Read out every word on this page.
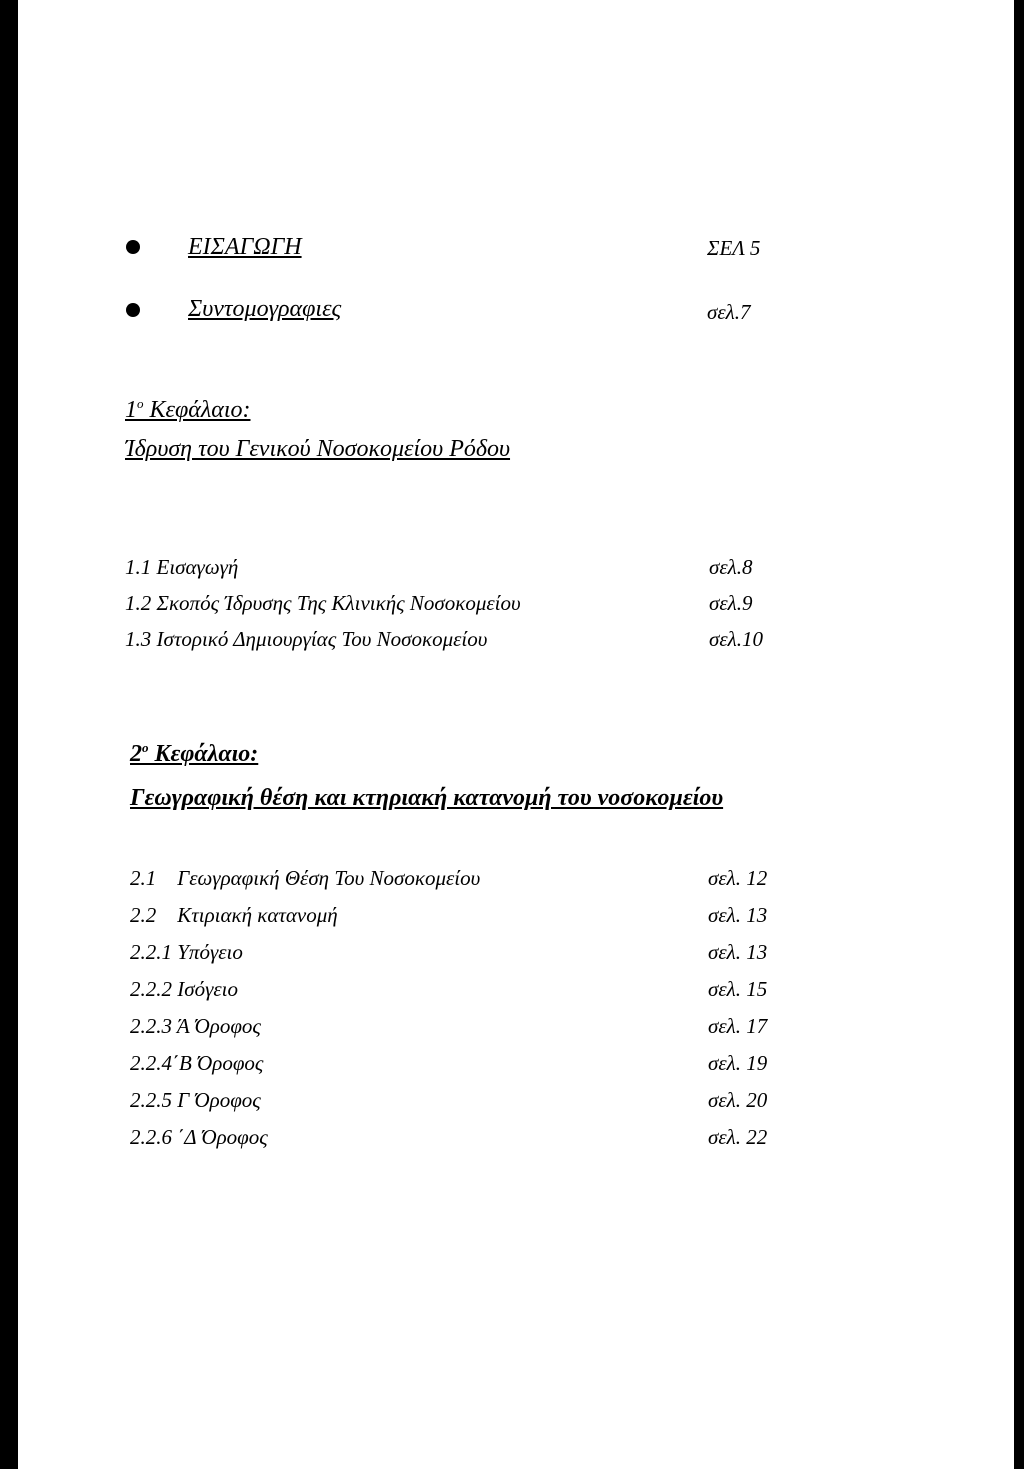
ΕΙΣΑΓΩΓΗ	ΣΕΛ 5
Συντομογραφιες	σελ.7
$1^o$ Κεφάλαιο:
Ίδρυση του Γενικού Νοσοκομείου Ρόδου
1.1 Εισαγωγή	σελ.8
1.2 Σκοπός Ίδρυσης Της Κλινικής Νοσοκομείου	σελ.9
1.3 Ιστορικό Δημιουργίας Του Νοσοκομείου	σελ.10
$2^o$ Κεφάλαιο:
Γεωγραφική θέση και κτηριακή κατανομή του νοσοκομείου
2.1    Γεωγραφική Θέση Του Νοσοκομείου	σελ. 12
2.2    Κτιριακή κατανομή	σελ. 13
2.2.1 Υπόγειο	σελ. 13
2.2.2 Ισόγειο	σελ. 15
2.2.3 Ά Όροφος	σελ. 17
2.2.4΄Β Όροφος	σελ. 19
2.2.5 Γ Όροφος	σελ. 20
2.2.6 ΄Δ Όροφος	σελ. 22
